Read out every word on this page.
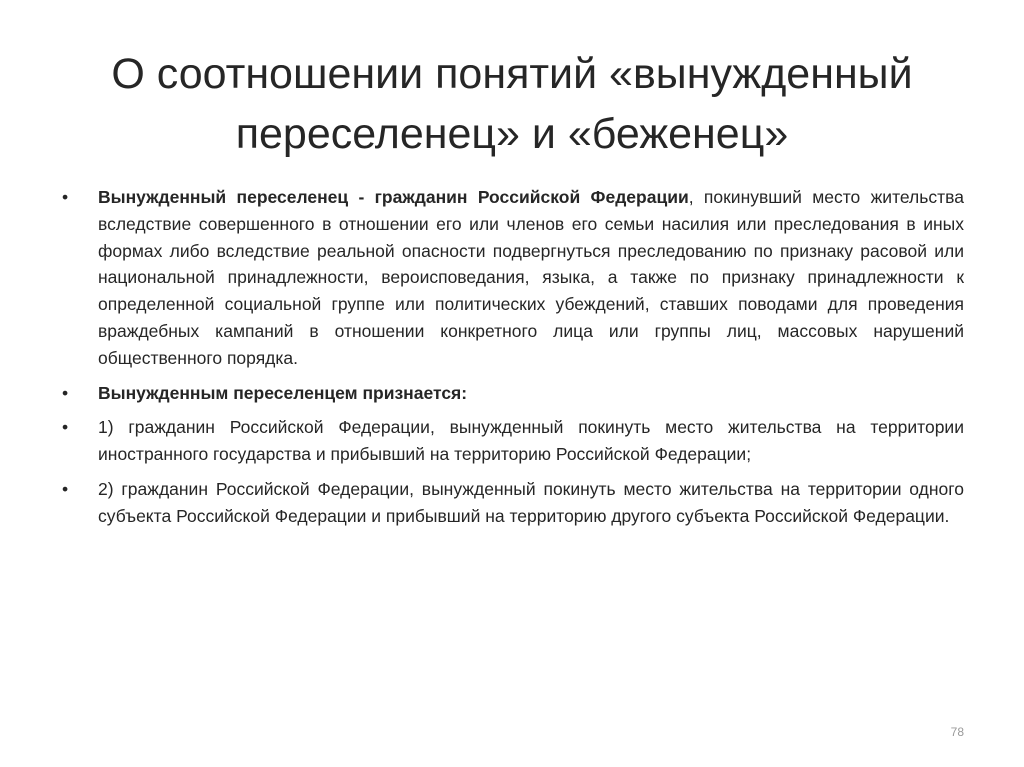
О соотношении понятий «вынужденный переселенец» и «беженец»
•	Вынужденный переселенец - гражданин Российской Федерации, покинувший место жительства вследствие совершенного в отношении его или членов его семьи насилия или преследования в иных формах либо вследствие реальной опасности подвергнуться преследованию по признаку расовой или национальной принадлежности, вероисповедания, языка, а также по признаку принадлежности к определенной социальной группе или политических убеждений, ставших поводами для проведения враждебных кампаний в отношении конкретного лица или группы лиц, массовых нарушений общественного порядка.
•	Вынужденным переселенцем признается:
•	1) гражданин Российской Федерации, вынужденный покинуть место жительства на территории иностранного государства и прибывший на территорию Российской Федерации;
•	2) гражданин Российской Федерации, вынужденный покинуть место жительства на территории одного субъекта Российской Федерации и прибывший на территорию другого субъекта Российской Федерации.
78
